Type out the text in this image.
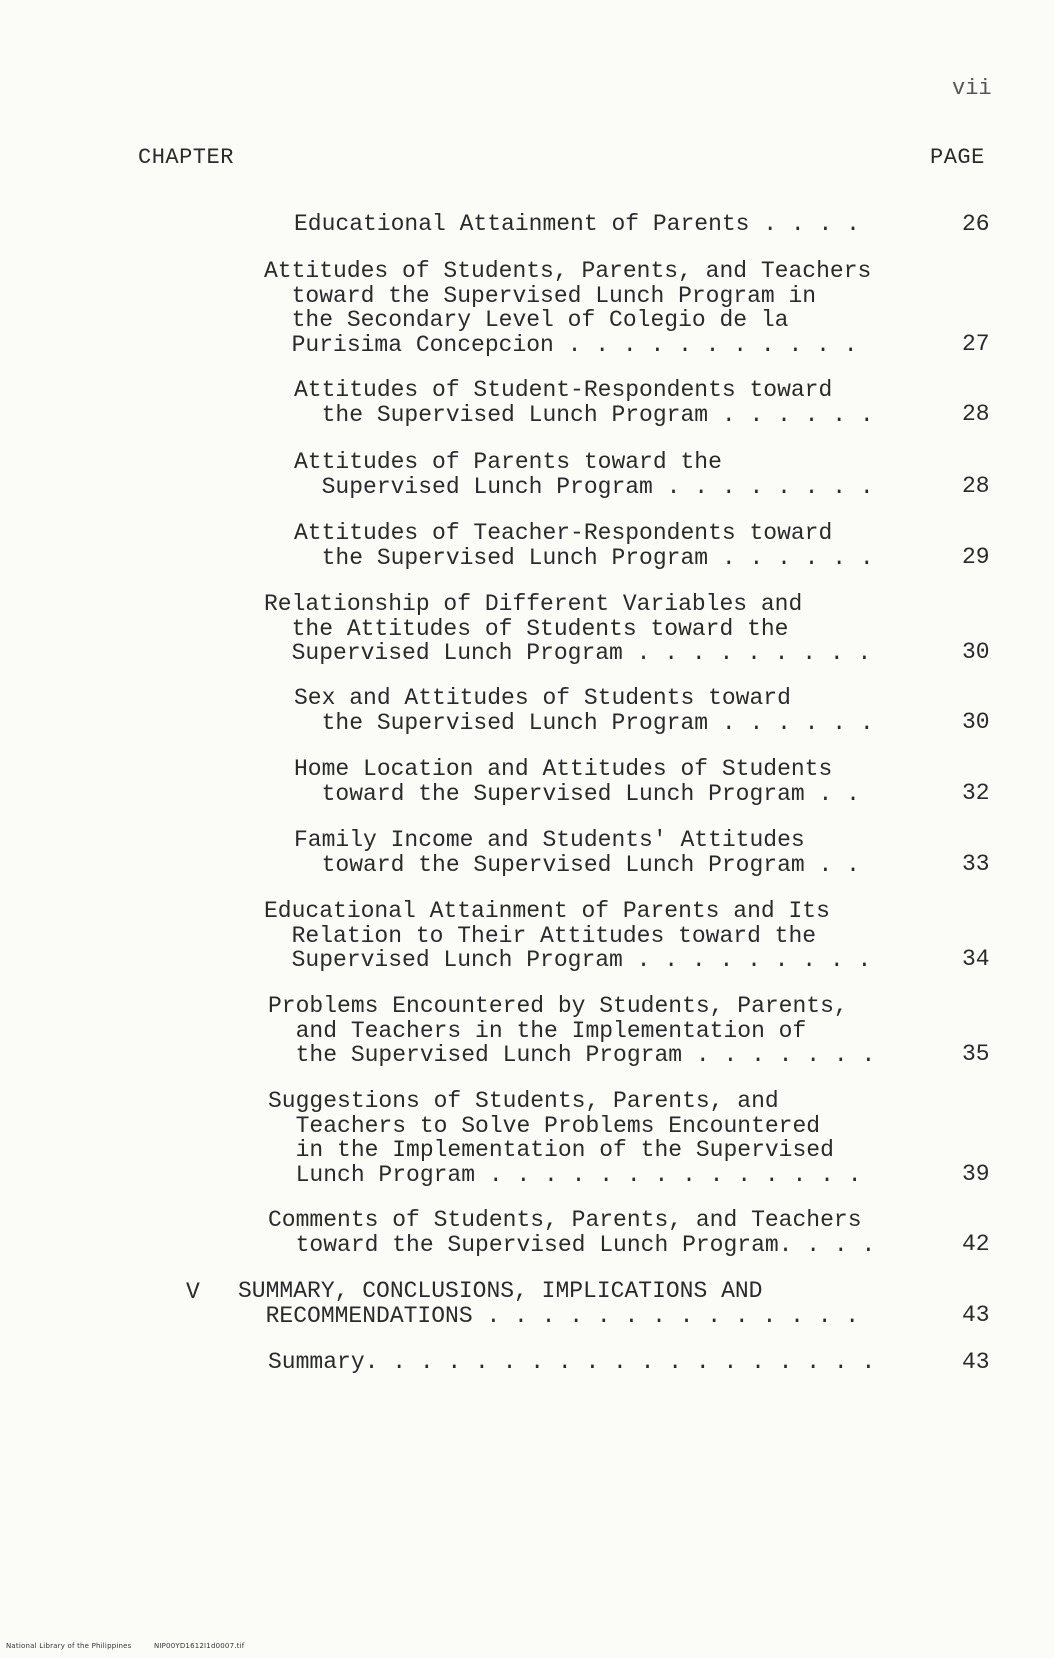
vii
CHAPTER	PAGE
Educational Attainment of Parents . . . .	26
Attitudes of Students, Parents, and Teachers
toward the Supervised Lunch Program in
the Secondary Level of Colegio de la
Purisima Concepcion . . . . . . . . . . .	27
Attitudes of Student-Respondents toward
the Supervised Lunch Program . . . . . .	28
Attitudes of Parents toward the
Supervised Lunch Program . . . . . . . .	28
Attitudes of Teacher-Respondents toward
the Supervised Lunch Program . . . . . .	29
Relationship of Different Variables and
the Attitudes of Students toward the
Supervised Lunch Program . . . . . . . . .	30
Sex and Attitudes of Students toward
the Supervised Lunch Program . . . . . .	30
Home Location and Attitudes of Students
toward the Supervised Lunch Program . .	32
Family Income and Students' Attitudes
toward the Supervised Lunch Program . .	33
Educational Attainment of Parents and Its
Relation to Their Attitudes toward the
Supervised Lunch Program . . . . . . . . .	34
Problems Encountered by Students, Parents,
and Teachers in the Implementation of
the Supervised Lunch Program . . . . . . .	35
Suggestions of Students, Parents, and
Teachers to Solve Problems Encountered
in the Implementation of the Supervised
Lunch Program . . . . . . . . . . . . . .	39
Comments of Students, Parents, and Teachers
toward the Supervised Lunch Program. . . .	42
V SUMMARY, CONCLUSIONS, IMPLICATIONS AND
RECOMMENDATIONS . . . . . . . . . . . . . .	43
Summary. . . . . . . . . . . . . . . . . . .	43
National Library of the Philippines	NIP00YD1612I1d0007.tif
